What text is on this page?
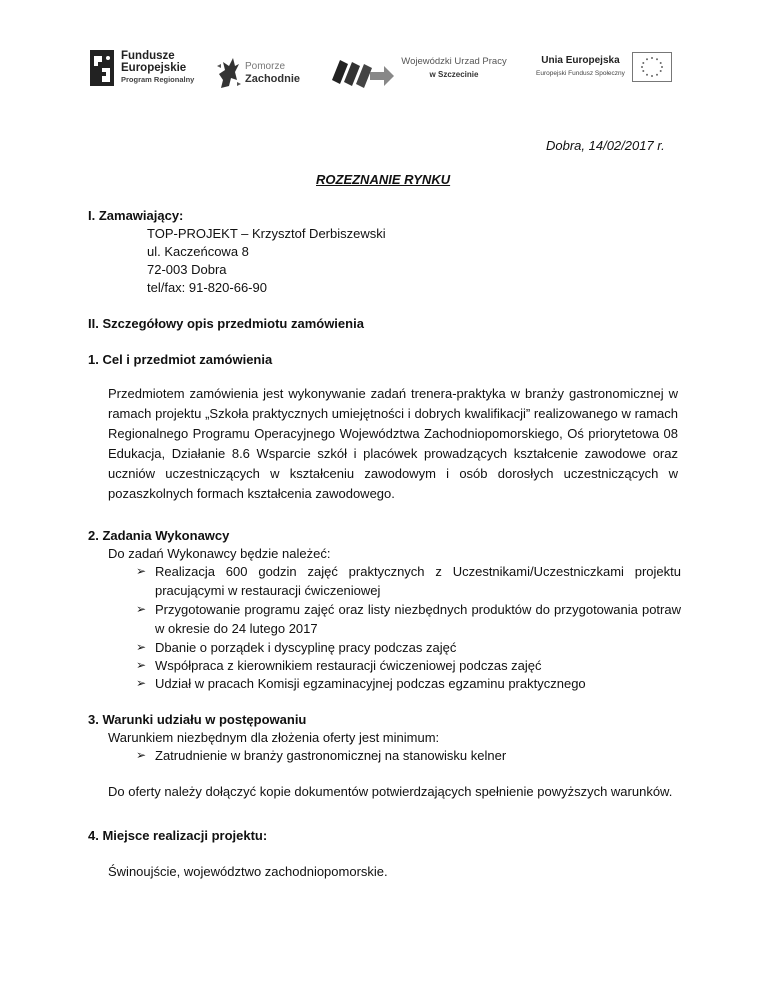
Fundusze
Europejskie
Program Regionalny
Pomorze
Zachodnie
Wojewódzki Urzad Pracy
w Szczecinie
Unia Europejska
Europejski Fundusz Społeczny
Dobra, 14/02/2017 r.
ROZEZNANIE RYNKU
I. Zamawiający:
TOP-PROJEKT – Krzysztof Derbiszewski
ul. Kaczeńcowa 8
72-003 Dobra
tel/fax: 91-820-66-90
II. Szczegółowy opis przedmiotu zamówienia
1. Cel i przedmiot zamówienia
Przedmiotem zamówienia jest wykonywanie zadań trenera-praktyka w branży gastronomicznej w ramach projektu „Szkoła praktycznych umiejętności i dobrych kwalifikacji” realizowanego w ramach Regionalnego Programu Operacyjnego Województwa Zachodniopomorskiego, Oś priorytetowa 08 Edukacja, Działanie 8.6 Wsparcie szkół i placówek prowadzących kształcenie zawodowe oraz uczniów uczestniczących w kształceniu zawodowym i osób dorosłych uczestniczących w pozaszkolnych formach kształcenia zawodowego.
2. Zadania Wykonawcy
Do zadań Wykonawcy będzie należeć:
➢ Realizacja 600 godzin zajęć praktycznych z Uczestnikami/Uczestniczkami projektu pracującymi w restauracji ćwiczeniowej
➢ Przygotowanie programu zajęć oraz listy niezbędnych produktów do przygotowania potraw w okresie do 24 lutego 2017
➢ Dbanie o porządek i dyscyplinę pracy podczas zajęć
➢ Współpraca z kierownikiem restauracji ćwiczeniowej podczas zajęć
➢ Udział w pracach Komisji egzaminacyjnej podczas egzaminu praktycznego
3. Warunki udziału w postępowaniu
Warunkiem niezbędnym dla złożenia oferty jest minimum:
➢ Zatrudnienie w branży gastronomicznej na stanowisku kelner
Do oferty należy dołączyć kopie dokumentów potwierdzających spełnienie powyższych warunków.
4. Miejsce realizacji projektu:
Świnoujście, województwo zachodniopomorskie.
